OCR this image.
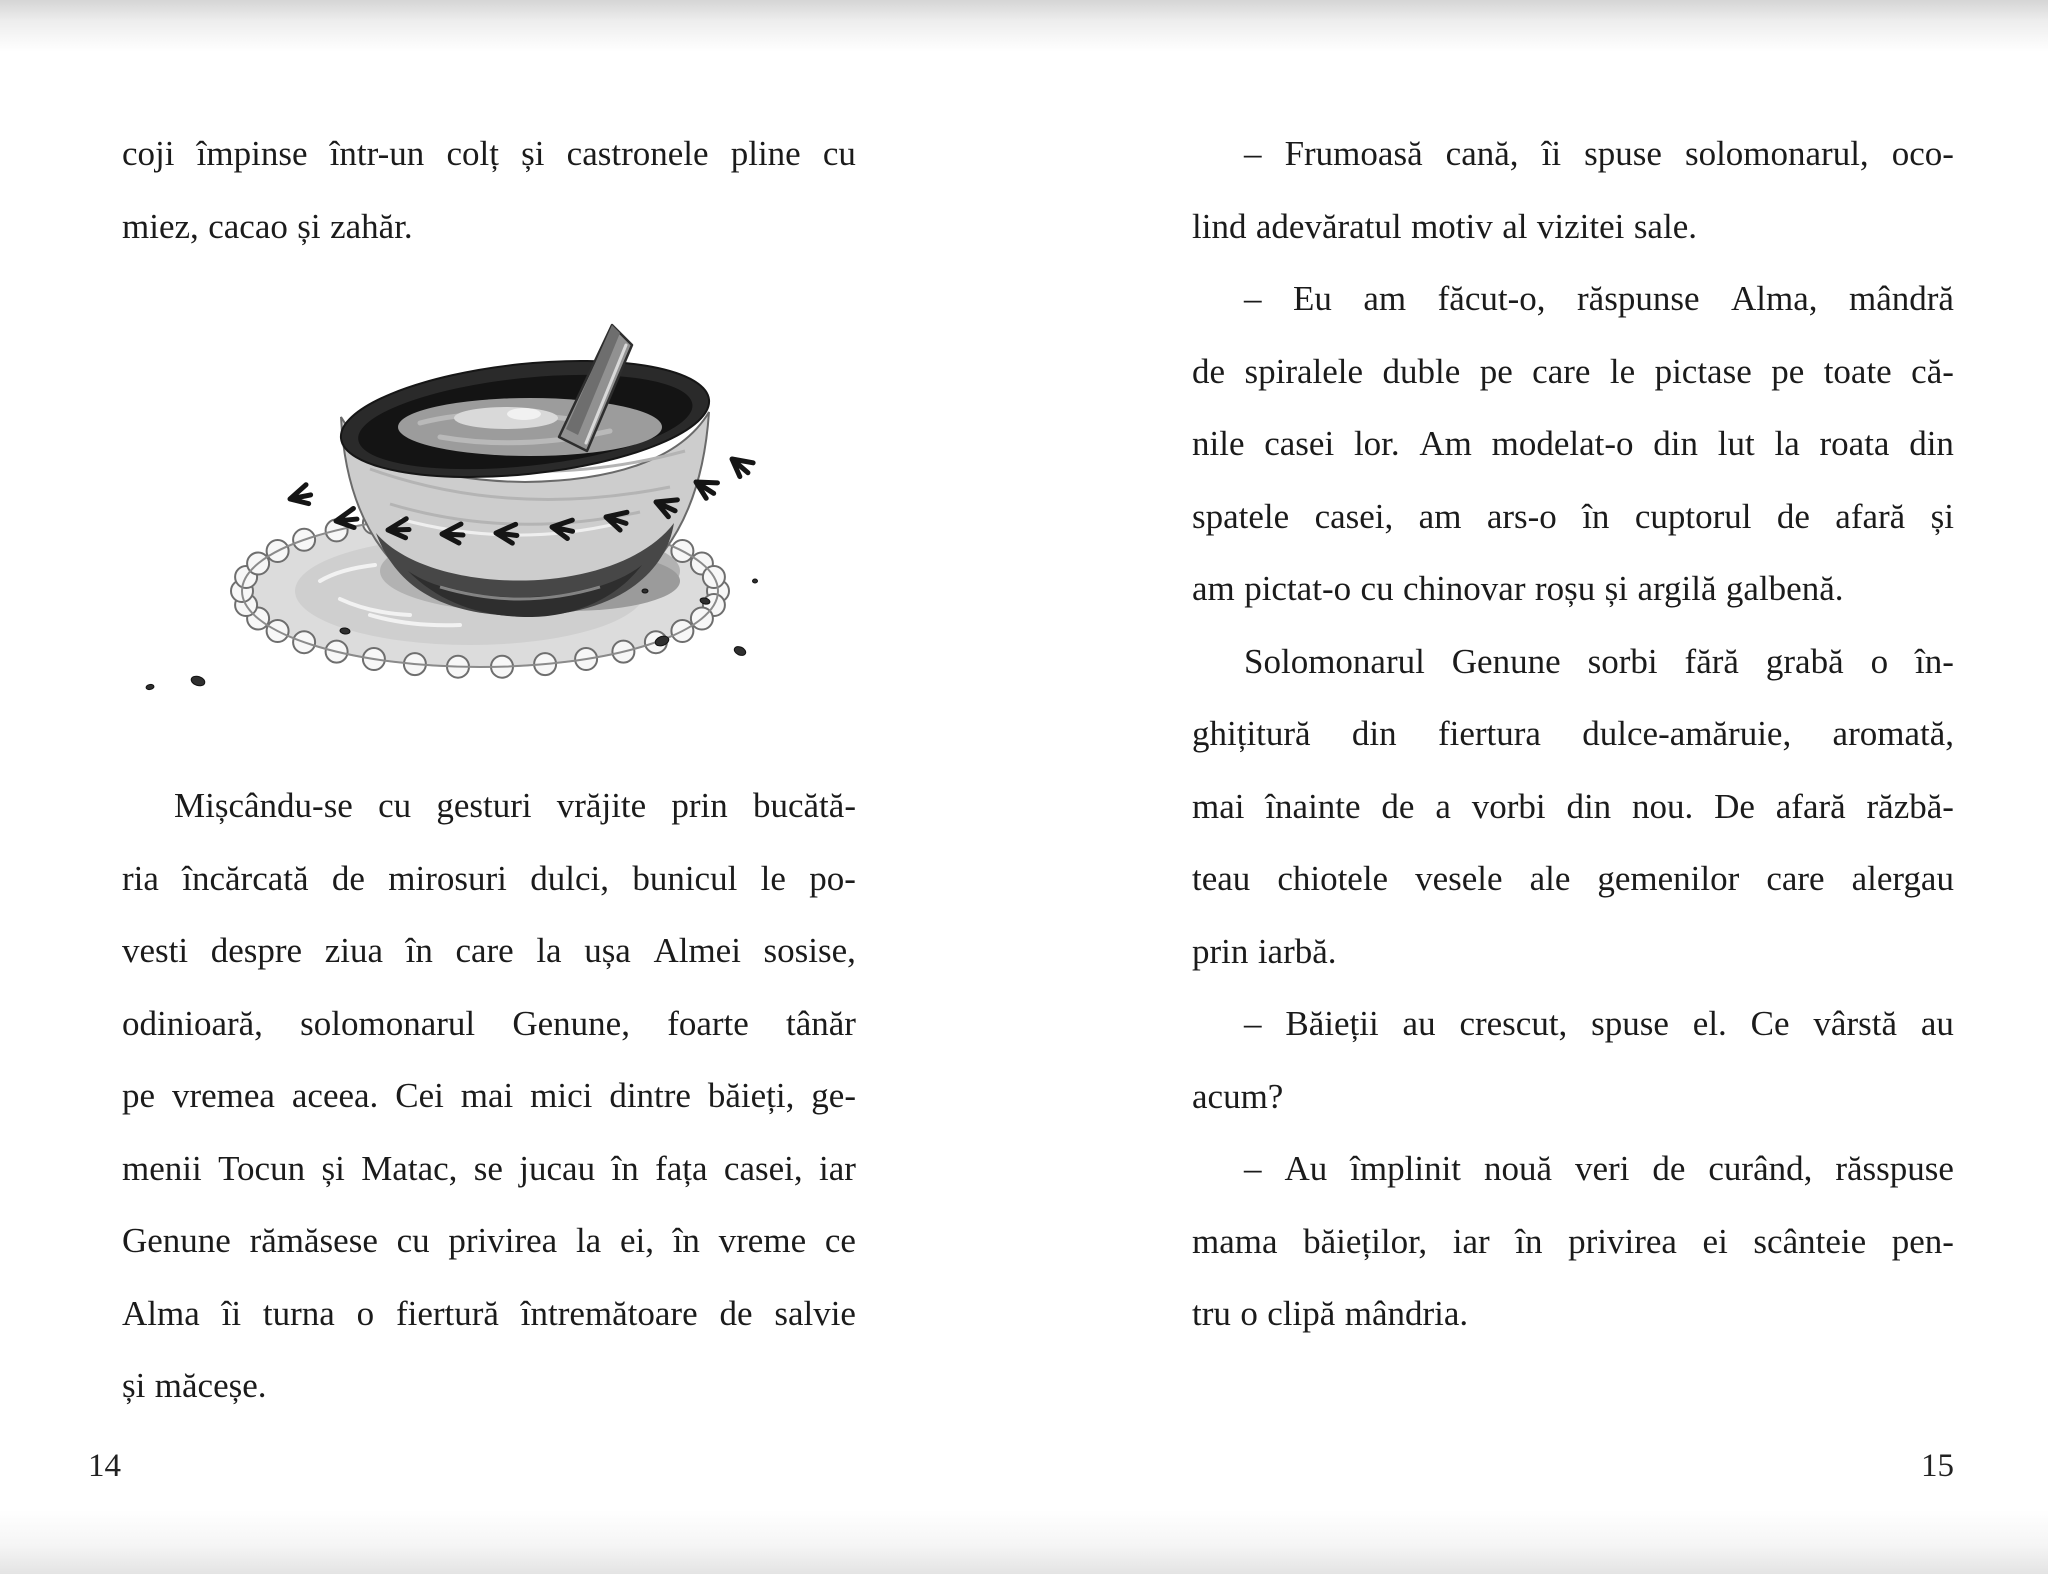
coji împinse într-un colț și castronele pline cu
miez, cacao și zahăr.
Mișcându-se cu gesturi vrăjite prin bucătă-
ria încărcată de mirosuri dulci, bunicul le po-
vesti despre ziua în care la ușa Almei sosise,
odinioară, solomonarul Genune, foarte tânăr
pe vremea aceea. Cei mai mici dintre băieți, ge-
menii Tocun și Matac, se jucau în fața casei, iar
Genune rămăsese cu privirea la ei, în vreme ce
Alma îi turna o fiertură întremătoare de salvie
și măceșe.
14
– Frumoasă cană, îi spuse solomonarul, oco-
lind adevăratul motiv al vizitei sale.
– Eu am făcut-o, răspunse Alma, mândră
de spiralele duble pe care le pictase pe toate că-
nile casei lor. Am modelat-o din lut la roata din
spatele casei, am ars-o în cuptorul de afară și
am pictat-o cu chinovar roșu și argilă galbenă.
Solomonarul Genune sorbi fără grabă o în-
ghițitură din fiertura dulce-amăruie, aromată,
mai înainte de a vorbi din nou. De afară răzbă-
teau chiotele vesele ale gemenilor care alergau
prin iarbă.
– Băieții au crescut, spuse el. Ce vârstă au
acum?
– Au împlinit nouă veri de curând, răsspuse
mama băieților, iar în privirea ei scânteie pen-
tru o clipă mândria.
15
